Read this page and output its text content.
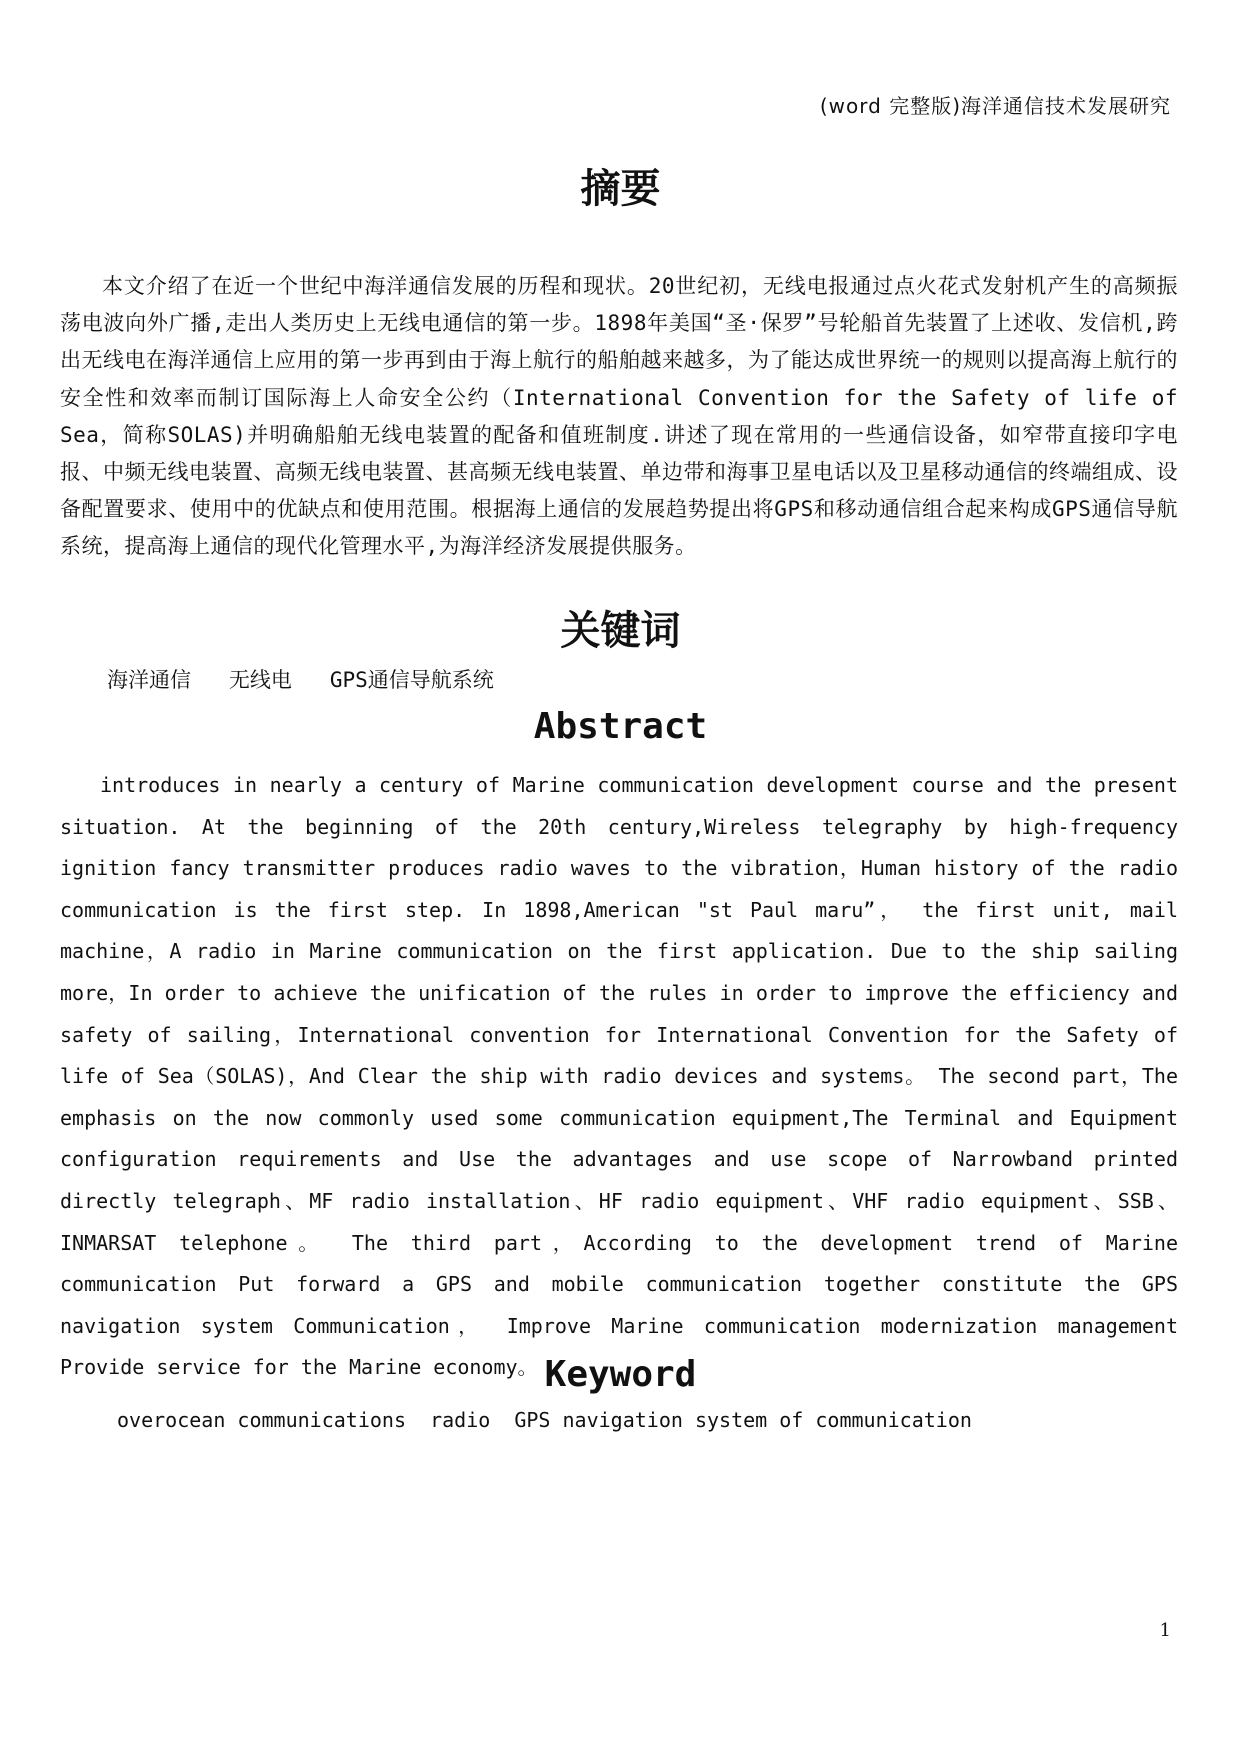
(word 完整版)海洋通信技术发展研究
摘要

本文介绍了在近一个世纪中海洋通信发展的历程和现状。20世纪初，无线电报通过点火花式发射机产生的高频振荡电波向外广播,走出人类历史上无线电通信的第一步。1898年美国“圣·保罗”号轮船首先装置了上述收、发信机,跨出无线电在海洋通信上应用的第一步再到由于海上航行的船舶越来越多，为了能达成世界统一的规则以提高海上航行的安全性和效率而制订国际海上人命安全公约（International Convention for the Safety of life of Sea，简称SOLAS)并明确船舶无线电装置的配备和值班制度.讲述了现在常用的一些通信设备，如窄带直接印字电报、中频无线电装置、高频无线电装置、甚高频无线电装置、单边带和海事卫星电话以及卫星移动通信的终端组成、设备配置要求、使用中的优缺点和使用范围。根据海上通信的发展趋势提出将GPS和移动通信组合起来构成GPS通信导航系统，提高海上通信的现代化管理水平,为海洋经济发展提供服务。

关键词
海洋通信   无线电   GPS通信导航系统
Abstract

introduces in nearly a century of Marine communication development course and the present situation. At the beginning of the 20th century,Wireless telegraphy by high-frequency ignition fancy transmitter produces radio waves to the vibration，Human history of the radio communication is the first step. In 1898,American "st Paul maru”， the first unit, mail machine，A radio in Marine communication on the first application. Due to the ship sailing more，In order to achieve the unification of the rules in order to improve the efficiency and safety of sailing，International convention for International Convention for the Safety of life of Sea（SOLAS)，And Clear the ship with radio devices and systems。 The second part，The emphasis on the now commonly used some communication equipment,The Terminal and Equipment configuration requirements and Use the advantages and use scope of Narrowband printed directly telegraph、MF radio installation、HF radio equipment、VHF radio equipment、SSB、INMARSAT telephone。 The third part，According to the development trend of Marine communication Put forward a GPS and mobile communication together constitute the GPS navigation system Communication， Improve Marine communication modernization management Provide service for the Marine economy。 Keyword
overocean communications  radio  GPS navigation system of communication
1
